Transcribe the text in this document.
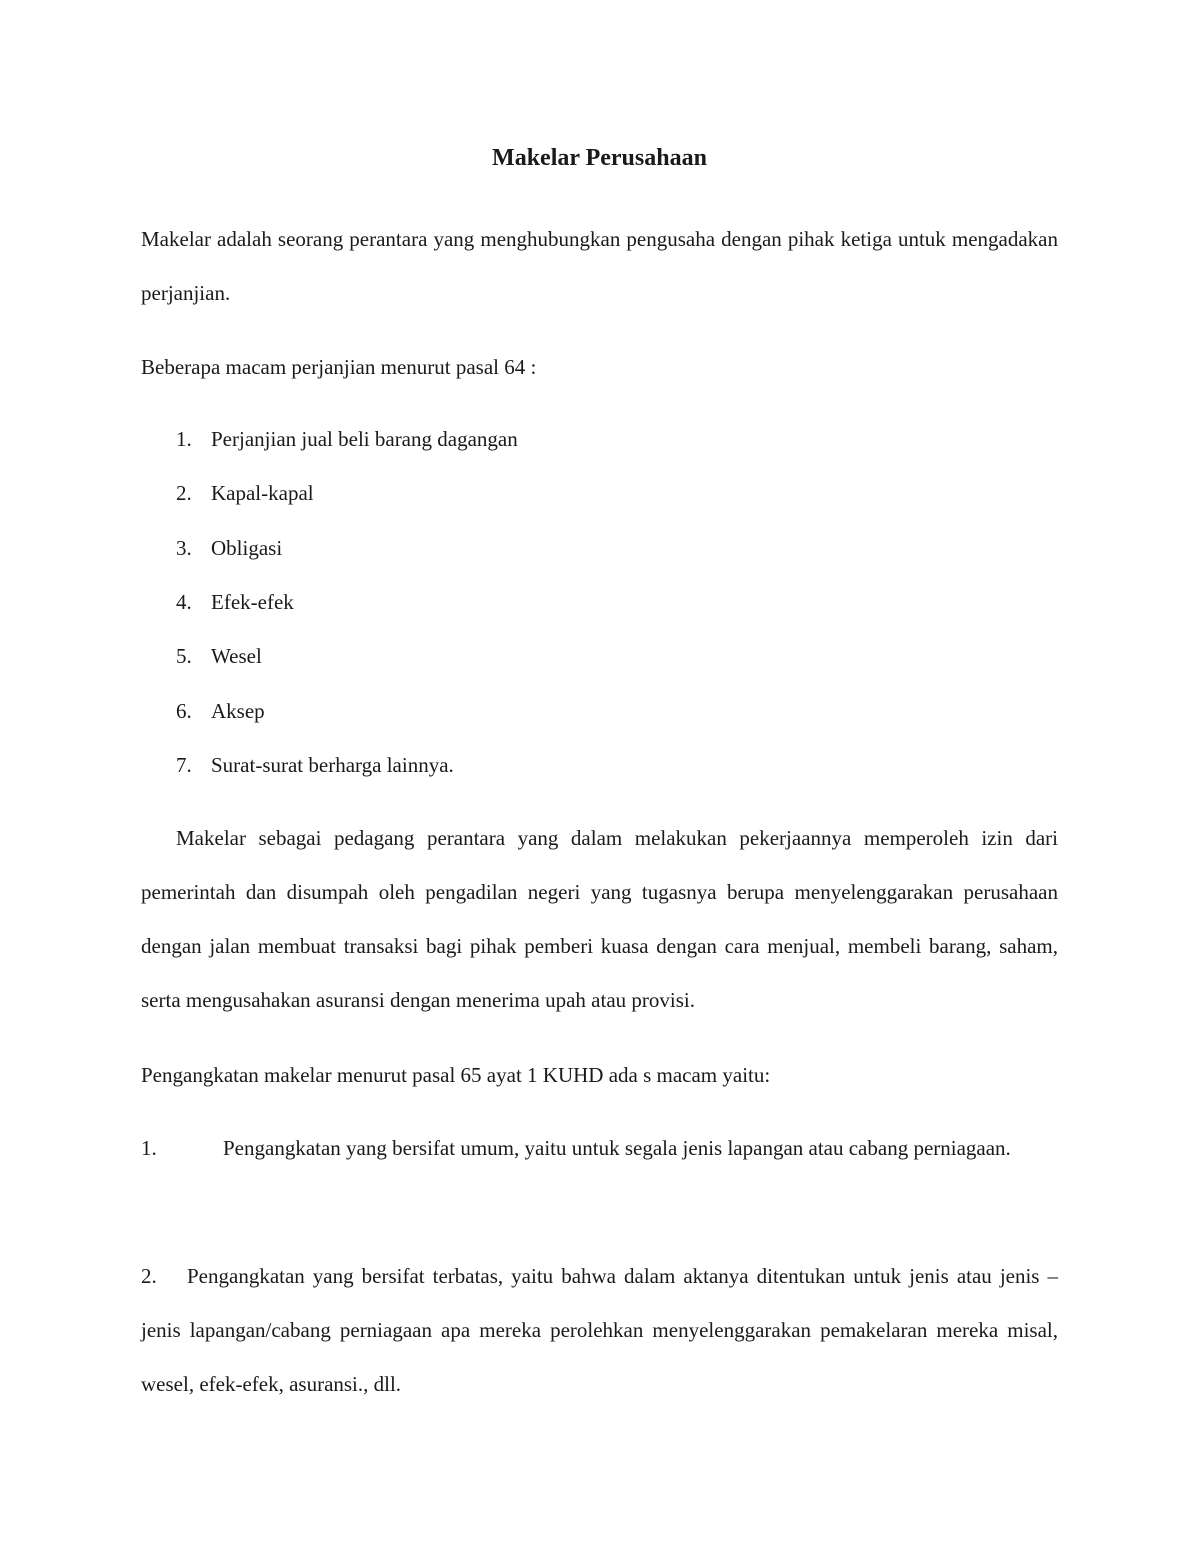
Makelar Perusahaan
Makelar adalah seorang perantara yang menghubungkan pengusaha dengan pihak ketiga untuk mengadakan perjanjian.
Beberapa macam perjanjian menurut pasal 64 :
1. Perjanjian jual beli barang dagangan
2. Kapal-kapal
3. Obligasi
4. Efek-efek
5. Wesel
6. Aksep
7. Surat-surat berharga lainnya.
Makelar sebagai pedagang perantara yang dalam melakukan pekerjaannya memperoleh izin dari pemerintah dan disumpah oleh pengadilan negeri yang tugasnya berupa menyelenggarakan perusahaan dengan jalan membuat transaksi bagi pihak pemberi kuasa dengan cara menjual, membeli barang, saham, serta mengusahakan asuransi dengan menerima upah atau provisi.
Pengangkatan makelar menurut pasal 65 ayat 1 KUHD ada s macam yaitu:
1.	Pengangkatan yang bersifat umum, yaitu untuk segala jenis lapangan atau cabang perniagaan.
2. Pengangkatan yang bersifat terbatas, yaitu bahwa dalam aktanya ditentukan untuk jenis atau jenis – jenis lapangan/cabang perniagaan apa mereka perolehkan menyelenggarakan pemakelaran mereka misal, wesel, efek-efek, asuransi., dll.
